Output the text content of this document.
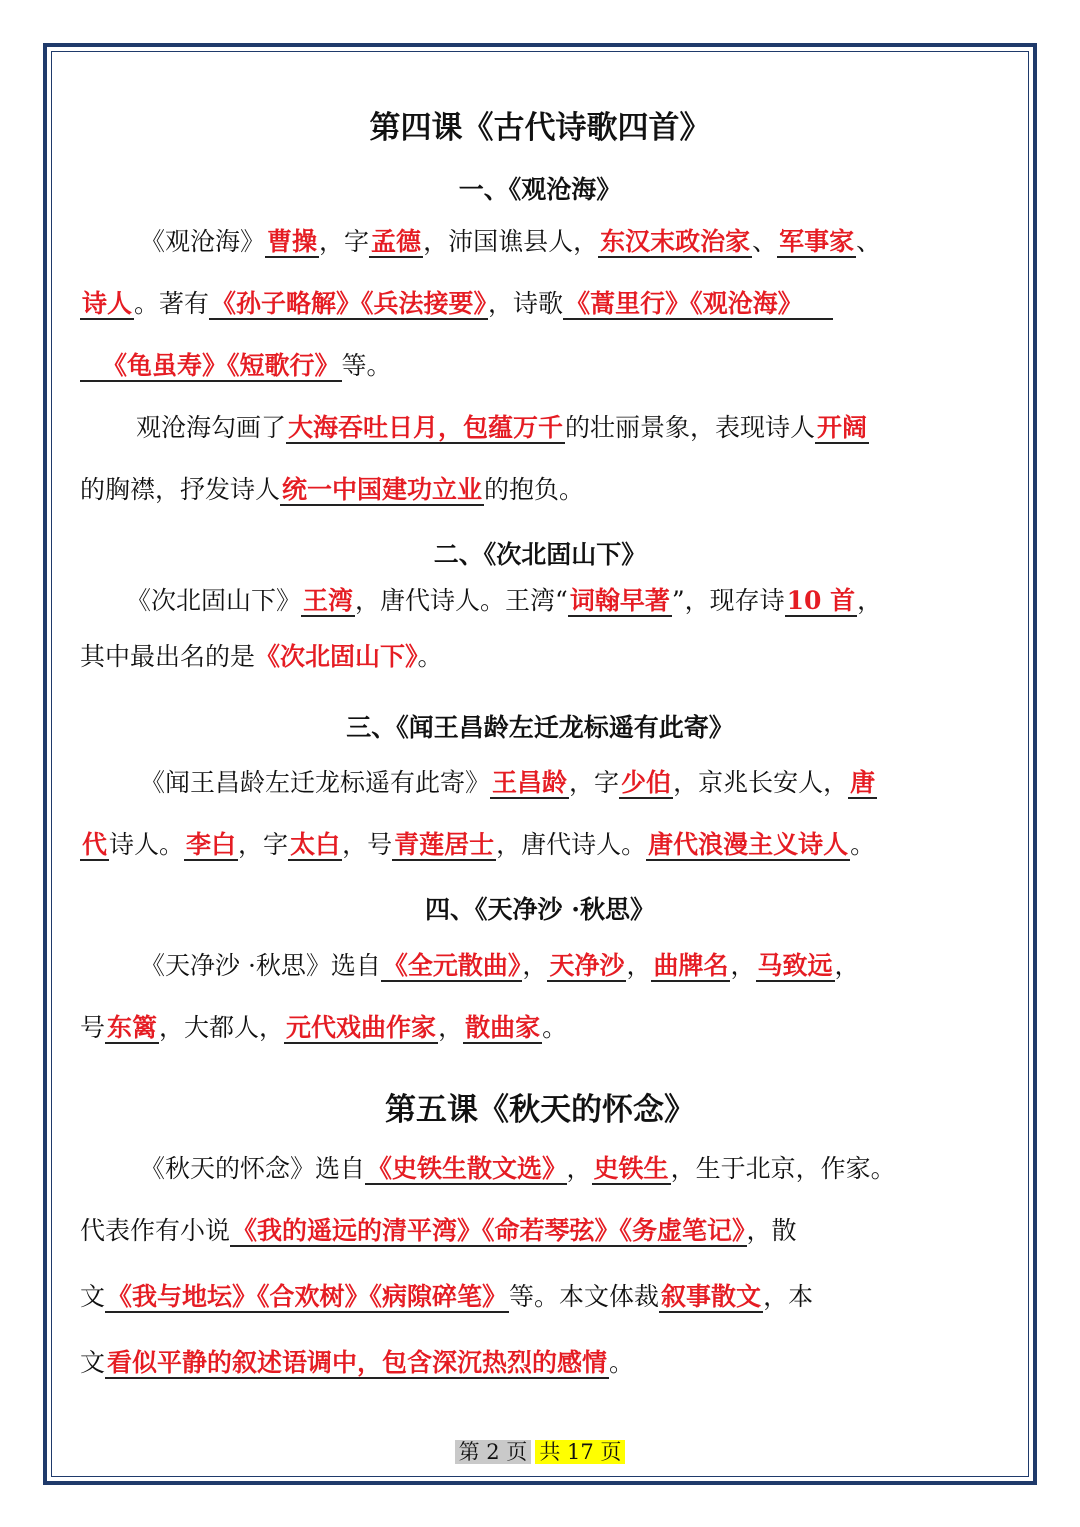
第四课《古代诗歌四首》
一、《观沧海》
《观沧海》曹操，字孟德，沛国谯县人，东汉末政治家、军事家、
诗人。著有《孙子略解》《兵法接要》，诗歌《蒿里行》《观沧海》
《龟虽寿》《短歌行》等。
观沧海勾画了大海吞吐日月，包蕴万千的壮丽景象，表现诗人开阔
的胸襟，抒发诗人统一中国建功立业的抱负。
二、《次北固山下》
《次北固山下》王湾，唐代诗人。王湾“词翰早著”，现存诗10 首，
其中最出名的是《次北固山下》。
三、《闻王昌龄左迁龙标遥有此寄》
《闻王昌龄左迁龙标遥有此寄》王昌龄，字少伯，京兆长安人，唐
代诗人。李白，字太白，号青莲居士，唐代诗人。唐代浪漫主义诗人。
四、《天净沙 ·秋思》
《天净沙 ·秋思》选自《全元散曲》，天净沙，曲牌名，马致远，
号东篱，大都人，元代戏曲作家，散曲家。
第五课《秋天的怀念》
《秋天的怀念》选自《史铁生散文选》 ，史铁生，生于北京，作家。
代表作有小说《我的遥远的清平湾》《命若琴弦》《务虚笔记》，散
文《我与地坛》《合欢树》《病隙碎笔》等。本文体裁叙事散文，本
文看似平静的叙述语调中，包含深沉热烈的感情。
第 2 页 共 17 页
